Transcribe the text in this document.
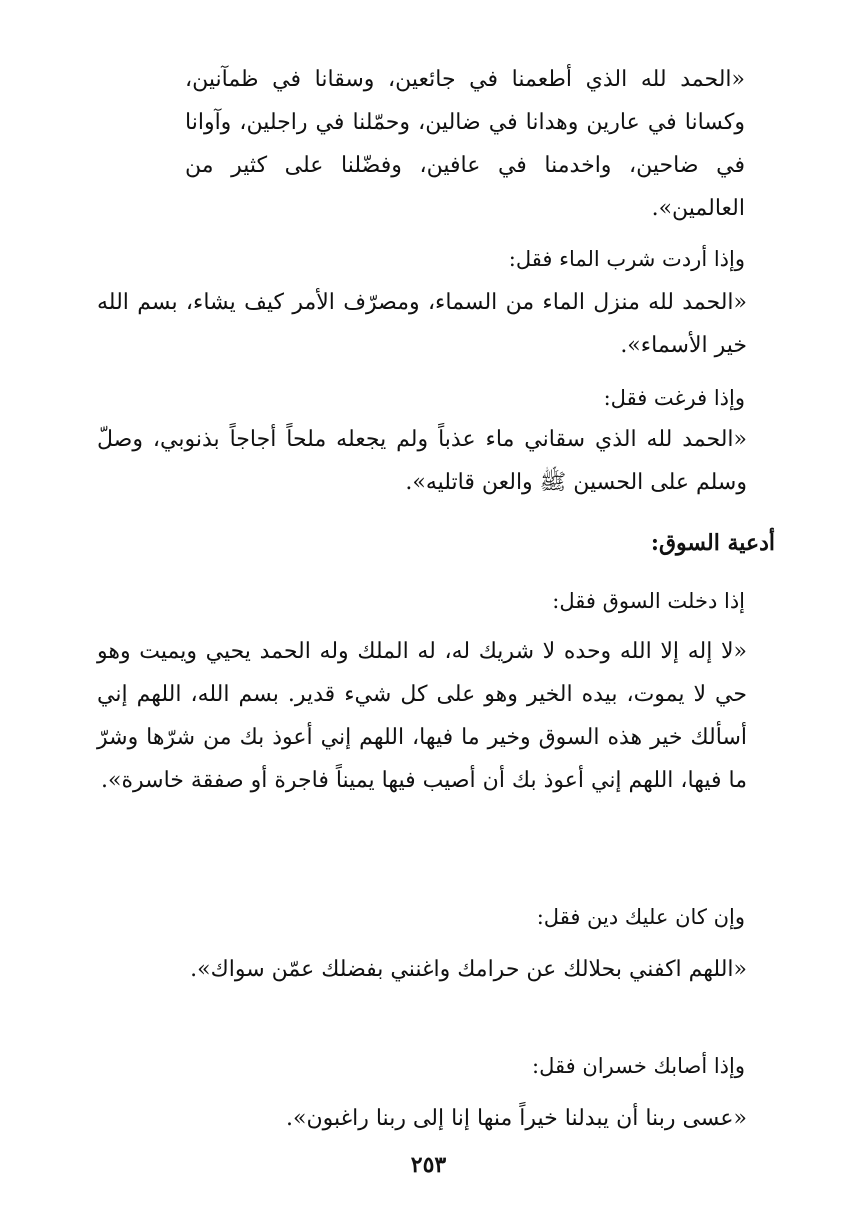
«الحمد لله الذي أطعمنا في جائعين، وسقانا في ظمآنين، وكسانا في عارين وهدانا في ضالين، وحمّلنا في راجلين، وآوانا في ضاحين، واخدمنا في عافين، وفضّلنا على كثير من العالمين».

وإذا أردت شرب الماء فقل:

«الحمد لله منزل الماء من السماء، ومصرّف الأمر كيف يشاء، بسم الله خير الأسماء».

وإذا فرغت فقل:

«الحمد لله الذي سقاني ماء عذباً ولم يجعله ملحاً أجاجاً بذنوبي، وصلّ وسلم على الحسين ﷺ والعن قاتليه».

أدعية السوق:

إذا دخلت السوق فقل:

«لا إله إلا الله وحده لا شريك له، له الملك وله الحمد يحيي ويميت وهو حي لا يموت، بيده الخير وهو على كل شيء قدير. بسم الله، اللهم إني أسألك خير هذه السوق وخير ما فيها، اللهم إني أعوذ بك من شرّها وشرّ ما فيها، اللهم إني أعوذ بك أن أصيب فيها يميناً فاجرة أو صفقة خاسرة».

وإن كان عليك دين فقل:

«اللهم اكفني بحلالك عن حرامك واغنني بفضلك عمّن سواك».

وإذا أصابك خسران فقل:

«عسى ربنا أن يبدلنا خيراً منها إنا إلى ربنا راغبون».

٢٥٣
